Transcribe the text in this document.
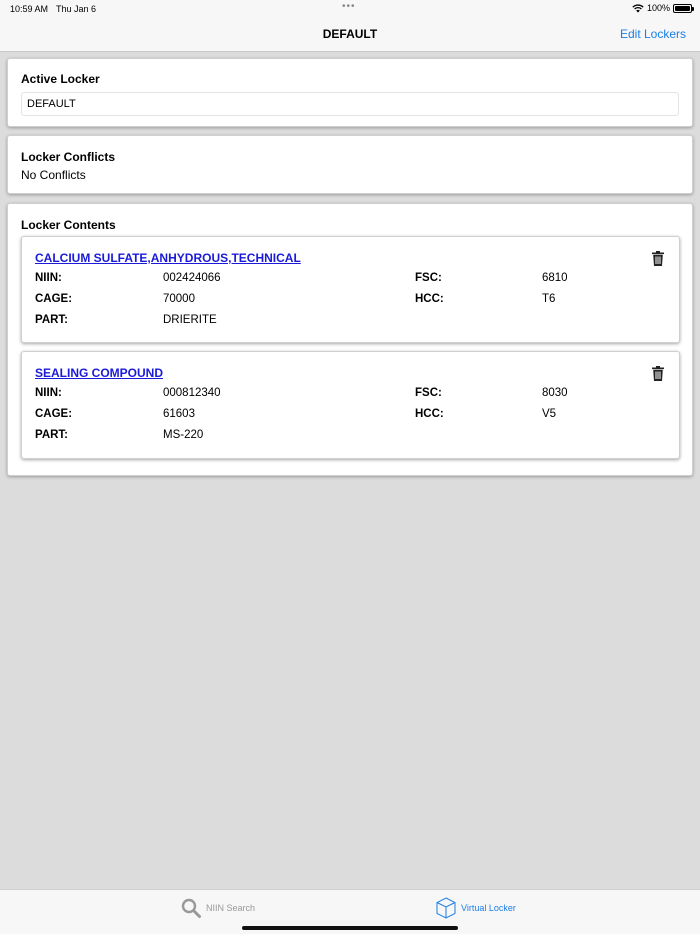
10:59 AM Thu Jan 6	•••	100%
DEFAULT	Edit Lockers
Active Locker
DEFAULT
Locker Conflicts
No Conflicts
Locker Contents
CALCIUM SULFATE,ANHYDROUS,TECHNICAL
NIIN:	002424066
CAGE:	70000
PART:	DRIERITE
FSC:	6810
HCC:	T6
SEALING COMPOUND
NIIN:	000812340
CAGE:	61603
PART:	MS-220
FSC:	8030
HCC:	V5
NIIN Search	Virtual Locker
